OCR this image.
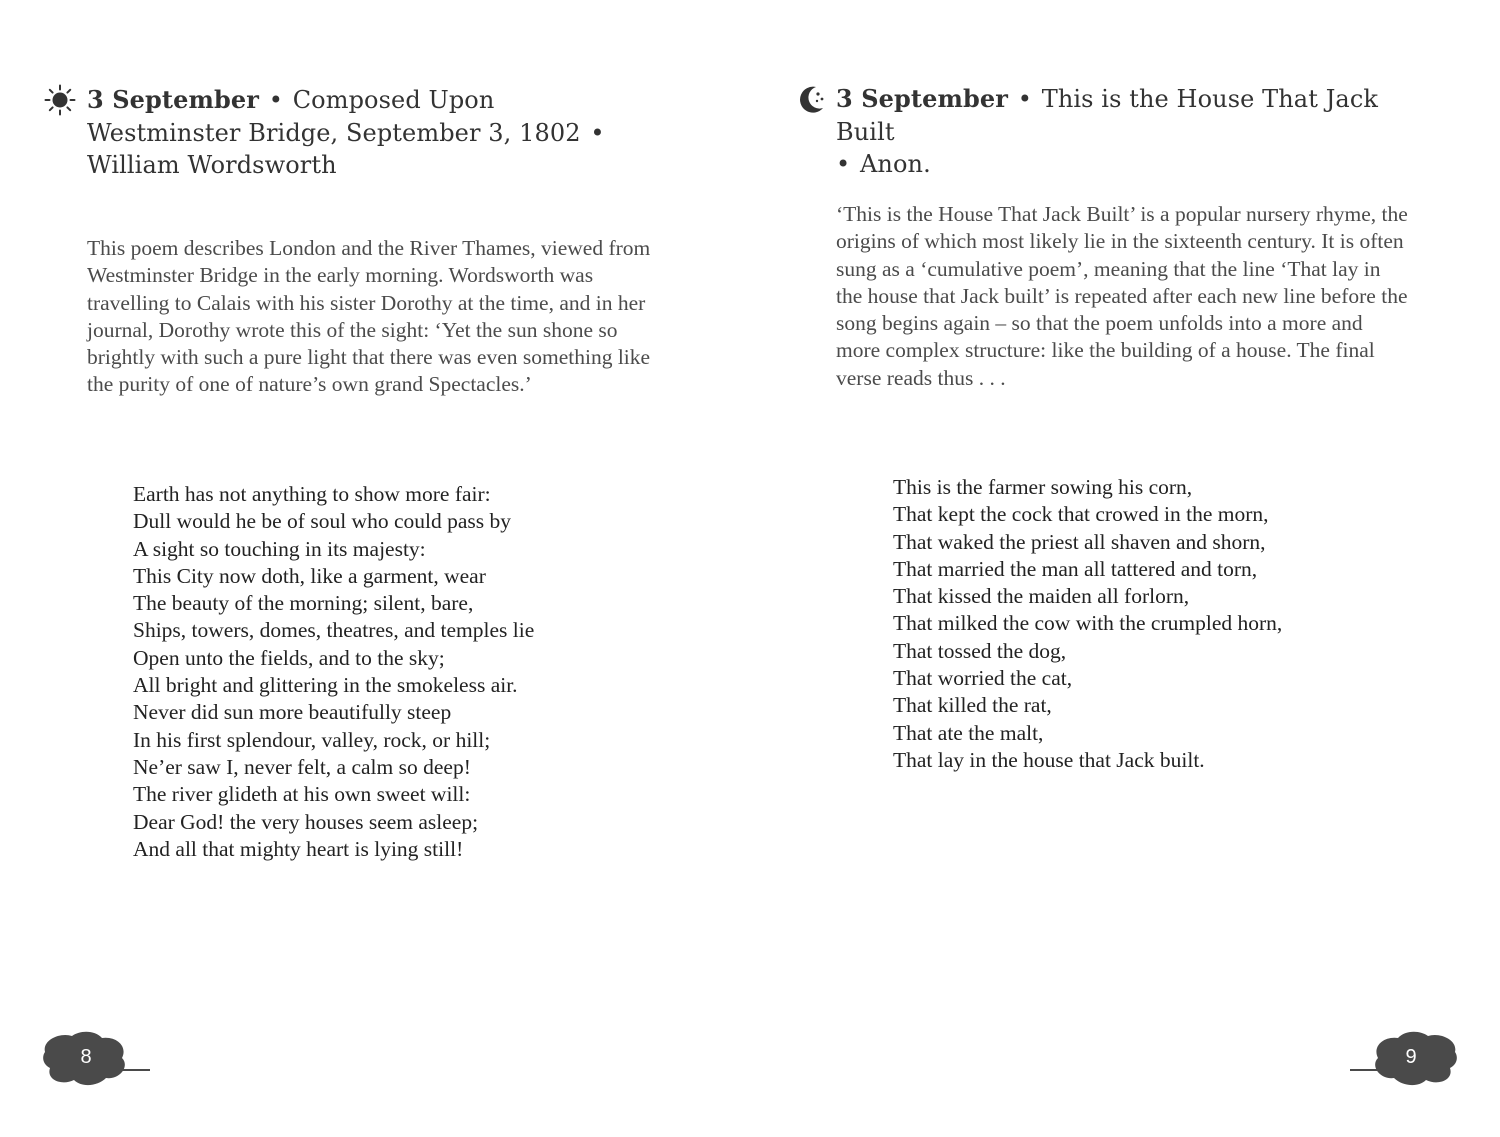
3 September • Composed Upon Westminster Bridge, September 3, 1802 • William Wordsworth

This poem describes London and the River Thames, viewed from Westminster Bridge in the early morning. Wordsworth was travelling to Calais with his sister Dorothy at the time, and in her journal, Dorothy wrote this of the sight: ‘Yet the sun shone so brightly with such a pure light that there was even something like the purity of one of nature’s own grand Spectacles.’

Earth has not anything to show more fair:
Dull would he be of soul who could pass by
A sight so touching in its majesty:
This City now doth, like a garment, wear
The beauty of the morning; silent, bare,
Ships, towers, domes, theatres, and temples lie
Open unto the fields, and to the sky;
All bright and glittering in the smokeless air.
Never did sun more beautifully steep
In his first splendour, valley, rock, or hill;
Ne’er saw I, never felt, a calm so deep!
The river glideth at his own sweet will:
Dear God! the very houses seem asleep;
And all that mighty heart is lying still!
8
3 September • This is the House That Jack Built
• Anon.

‘This is the House That Jack Built’ is a popular nursery rhyme, the origins of which most likely lie in the sixteenth century. It is often sung as a ‘cumulative poem’, meaning that the line ‘That lay in the house that Jack built’ is repeated after each new line before the song begins again – so that the poem unfolds into a more and more complex structure: like the building of a house. The final verse reads thus . . .

This is the farmer sowing his corn,
That kept the cock that crowed in the morn,
That waked the priest all shaven and shorn,
That married the man all tattered and torn,
That kissed the maiden all forlorn,
That milked the cow with the crumpled horn,
That tossed the dog,
That worried the cat,
That killed the rat,
That ate the malt,
That lay in the house that Jack built.
9
